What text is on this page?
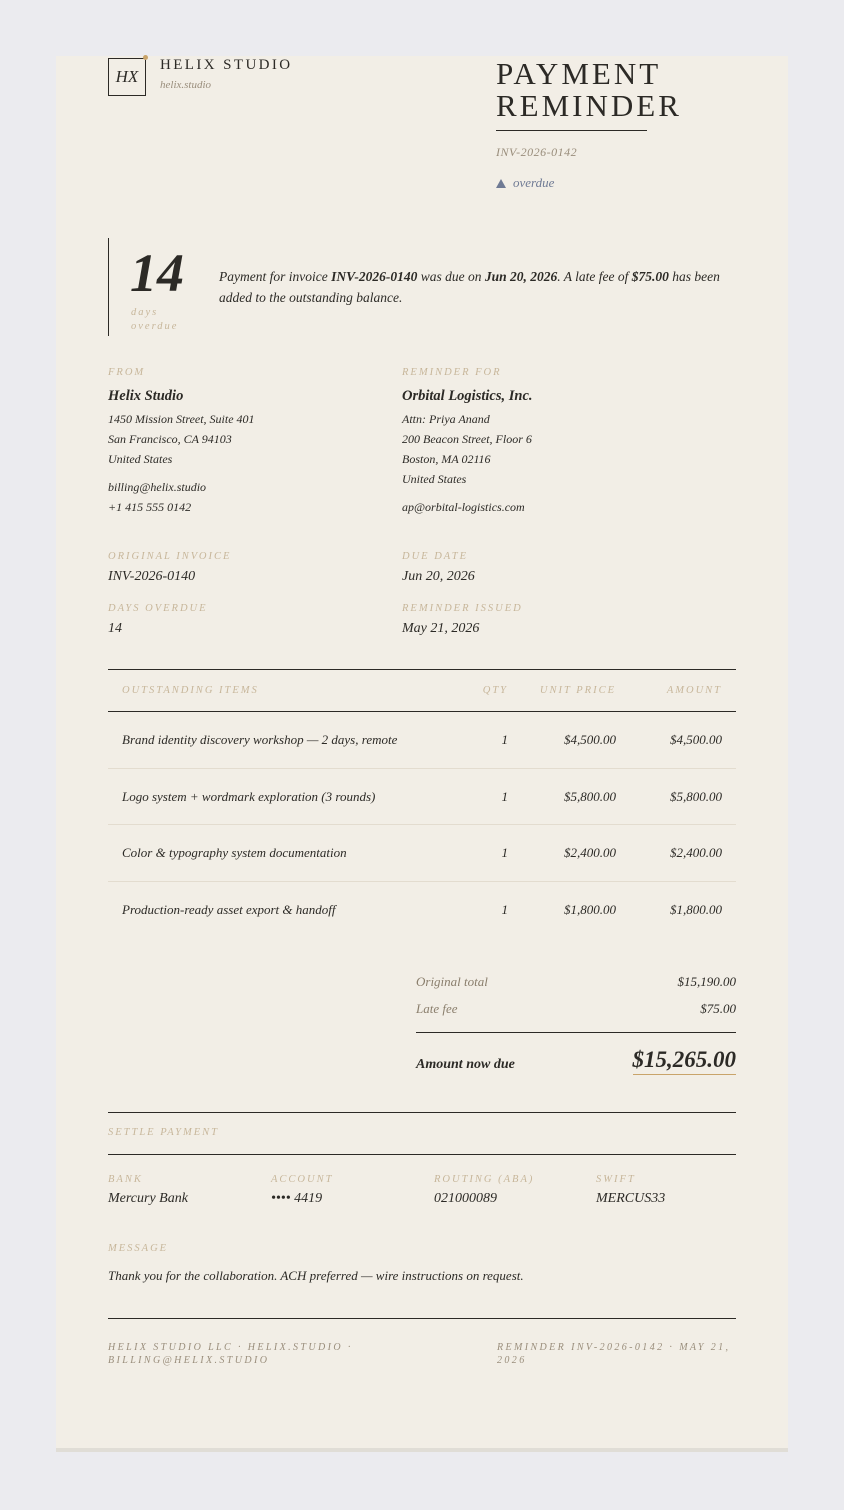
HX
HELIX STUDIO
helix.studio	PAYMENT
REMINDER
INV-2026-0142
overdue
14
days
overdue

Payment for invoice INV-2026-0140 was due on Jun 20, 2026. A late fee of $75.00 has been added to the outstanding balance.

FROM
Helix Studio
1450 Mission Street, Suite 401
San Francisco, CA 94103
United States
billing@helix.studio
+1 415 555 0142
REMINDER FOR
Orbital Logistics, Inc.
Attn: Priya Anand
200 Beacon Street, Floor 6
Boston, MA 02116
United States
ap@orbital-logistics.com
ORIGINAL INVOICE
INV-2026-0140
DUE DATE
Jun 20, 2026
DAYS OVERDUE
14
REMINDER ISSUED
May 21, 2026
OUTSTANDING ITEMS	QTY	UNIT PRICE	AMOUNT
Brand identity discovery workshop — 2 days, remote	1	$4,500.00	$4,500.00
Logo system + wordmark exploration (3 rounds)	1	$5,800.00	$5,800.00
Color & typography system documentation	1	$2,400.00	$2,400.00
Production-ready asset export & handoff	1	$1,800.00	$1,800.00
Original total	$15,190.00
Late fee	$75.00
Amount now due	$15,265.00
SETTLE PAYMENT
BANK
Mercury Bank
ACCOUNT
•••• 4419
ROUTING (ABA)
021000089
SWIFT
MERCUS33
MESSAGE
Thank you for the collaboration. ACH preferred — wire instructions on request.
HELIX STUDIO LLC · HELIX.STUDIO ·
BILLING@HELIX.STUDIO
REMINDER INV-2026-0142 · MAY 21,
2026
